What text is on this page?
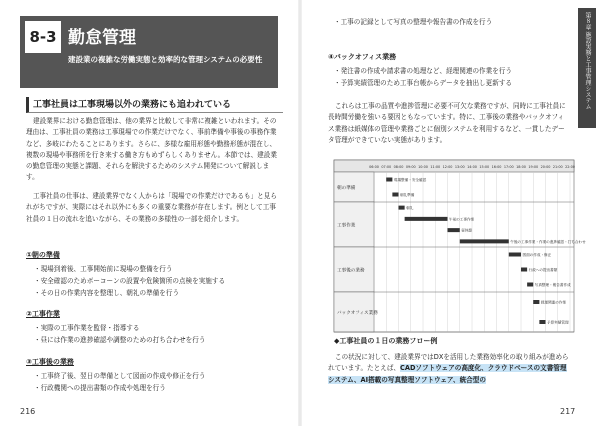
8-3 勤怠管理
建設業の複雑な労働実態と効率的な管理システムの必要性
工事社員は工事現場以外の業務にも追われている

建設業界における勤怠管理は、他の業界と比較して非常に複雑といわれます。その理由は、工事社員の業務は工事現場での作業だけでなく、事前準備や事後の事務作業など、多岐にわたることにあります。さらに、多様な雇用形態や勤務形態が混在し、複数の現場や事務所を行き来する働き方もめずらしくありません。本節では、建設業の勤怠管理の実態と課題、それらを解決するためのシステム開発について解説します。

工事社員の仕事は、建設業界でなく人からは「現場での作業だけであるも」と見られがちですが、実際にはそれ以外にも多くの重要な業務が存在します。例として工事社員の１日の流れを追いながら、その業務の多様性の一部を紹介します。

①朝の準備
・ 現場到着後、工事開始前に現場の整備を行う
・ 安全確認のためボーコーンの設置や危険箇所の点検を実施する
・ その日の作業内容を整理し、朝礼の準備を行う
②工事作業
・ 実際の工事作業を監督・指導する
・ 昼には作業の進捗確認や調整のための打ち合わせを行う
③工事後の業務
・ 工事終了後、翌日の準備として図面の作成や修正を行う
・ 行政機関への提出書類の作成や処理を行う
216
・ 工事の記録として写真の整理や報告書の作成を行う
④バックオフィス業務
・ 発注書の作成や請求書の処理など、経理関連の作業を行う
・ 予算実績管理のため工事台帳からデータを抽出し更新する

これらは工事の品質や進捗管理に必要不可欠な業務ですが、同時に工事社員に長時間労働を強いる要因ともなっています。特に、工事後の業務やバックオフィス業務は紙媒体の管理や業務ごとに個別システムを利用するなど、一貫したデータ管理ができていない実態があります。

第８章 施設実務と工事管理システム
06:00 07:00 08:00 09:00 10:00 11:00 12:00 13:00 14:00 15:00 16:00 17:00 18:00 19:00 20:00 21:00 22:00
朝の準備
工事作業
工事後の業務
バックオフィス業務
現場整備・安全確認
朝礼準備
朝礼
午前の工事作業
昼休憩
午後の工事作業・作業の進捗確認・打ち合わせ
図面の作成・修正
行政への提出書類
写真整理・報告書作成
経理関連の作業
予算実績管理
◆工事社員の１日の業務フロー例

この状況に対して、建設業界ではDXを活用した業務効率化の取り組みが進められています。たとえば、CADソフトウェアの高度化、クラウドベースの文書管理システム、AI搭載の写真整理ソフトウェア、統合型の

217
